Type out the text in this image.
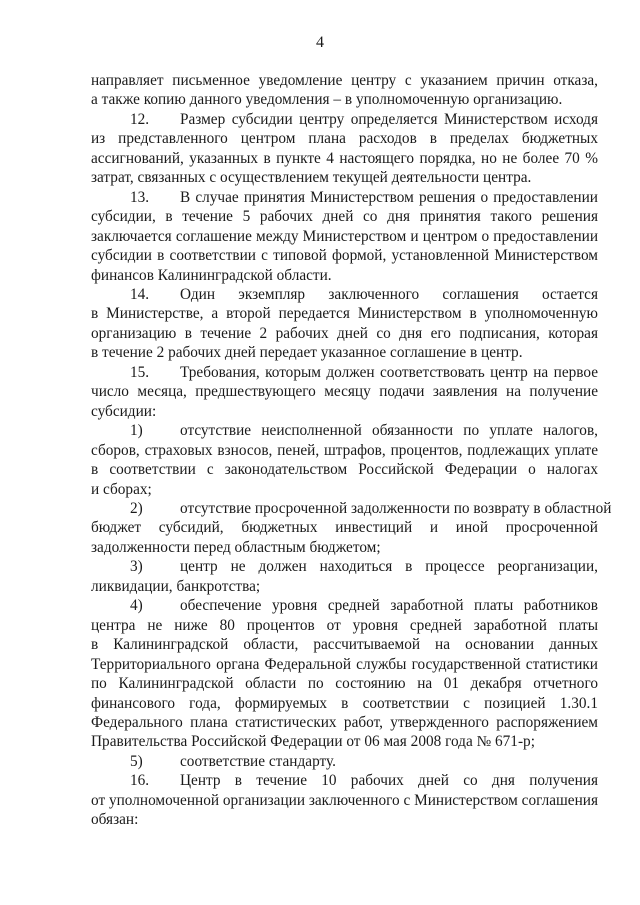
4
направляет письменное уведомление центру с указанием причин отказа,
а также копию данного уведомления – в уполномоченную организацию.
12. Размер субсидии центру определяется Министерством исходя
из представленного центром плана расходов в пределах бюджетных
ассигнований, указанных в пункте 4 настоящего порядка, но не более 70 %
затрат, связанных с осуществлением текущей деятельности центра.
13. В случае принятия Министерством решения о предоставлении
субсидии, в течение 5 рабочих дней со дня принятия такого решения
заключается соглашение между Министерством и центром о предоставлении
субсидии в соответствии с типовой формой, установленной Министерством
финансов Калининградской области.
14. Один экземпляр заключенного соглашения остается
в Министерстве, а второй передается Министерством в уполномоченную
организацию в течение 2 рабочих дней со дня его подписания, которая
в течение 2 рабочих дней передает указанное соглашение в центр.
15. Требования, которым должен соответствовать центр на первое
число месяца, предшествующего месяцу подачи заявления на получение
субсидии:
1) отсутствие неисполненной обязанности по уплате налогов,
сборов, страховых взносов, пеней, штрафов, процентов, подлежащих уплате
в соответствии с законодательством Российской Федерации о налогах
и сборах;
2) отсутствие просроченной задолженности по возврату в областной
бюджет субсидий, бюджетных инвестиций и иной просроченной
задолженности перед областным бюджетом;
3) центр не должен находиться в процессе реорганизации,
ликвидации, банкротства;
4) обеспечение уровня средней заработной платы работников
центра не ниже 80 процентов от уровня средней заработной платы
в Калининградской области, рассчитываемой на основании данных
Территориального органа Федеральной службы государственной статистики
по Калининградской области по состоянию на 01 декабря отчетного
финансового года, формируемых в соответствии с позицией 1.30.1
Федерального плана статистических работ, утвержденного распоряжением
Правительства Российской Федерации от 06 мая 2008 года № 671-р;
5) соответствие стандарту.
16. Центр в течение 10 рабочих дней со дня получения
от уполномоченной организации заключенного с Министерством соглашения
обязан:
